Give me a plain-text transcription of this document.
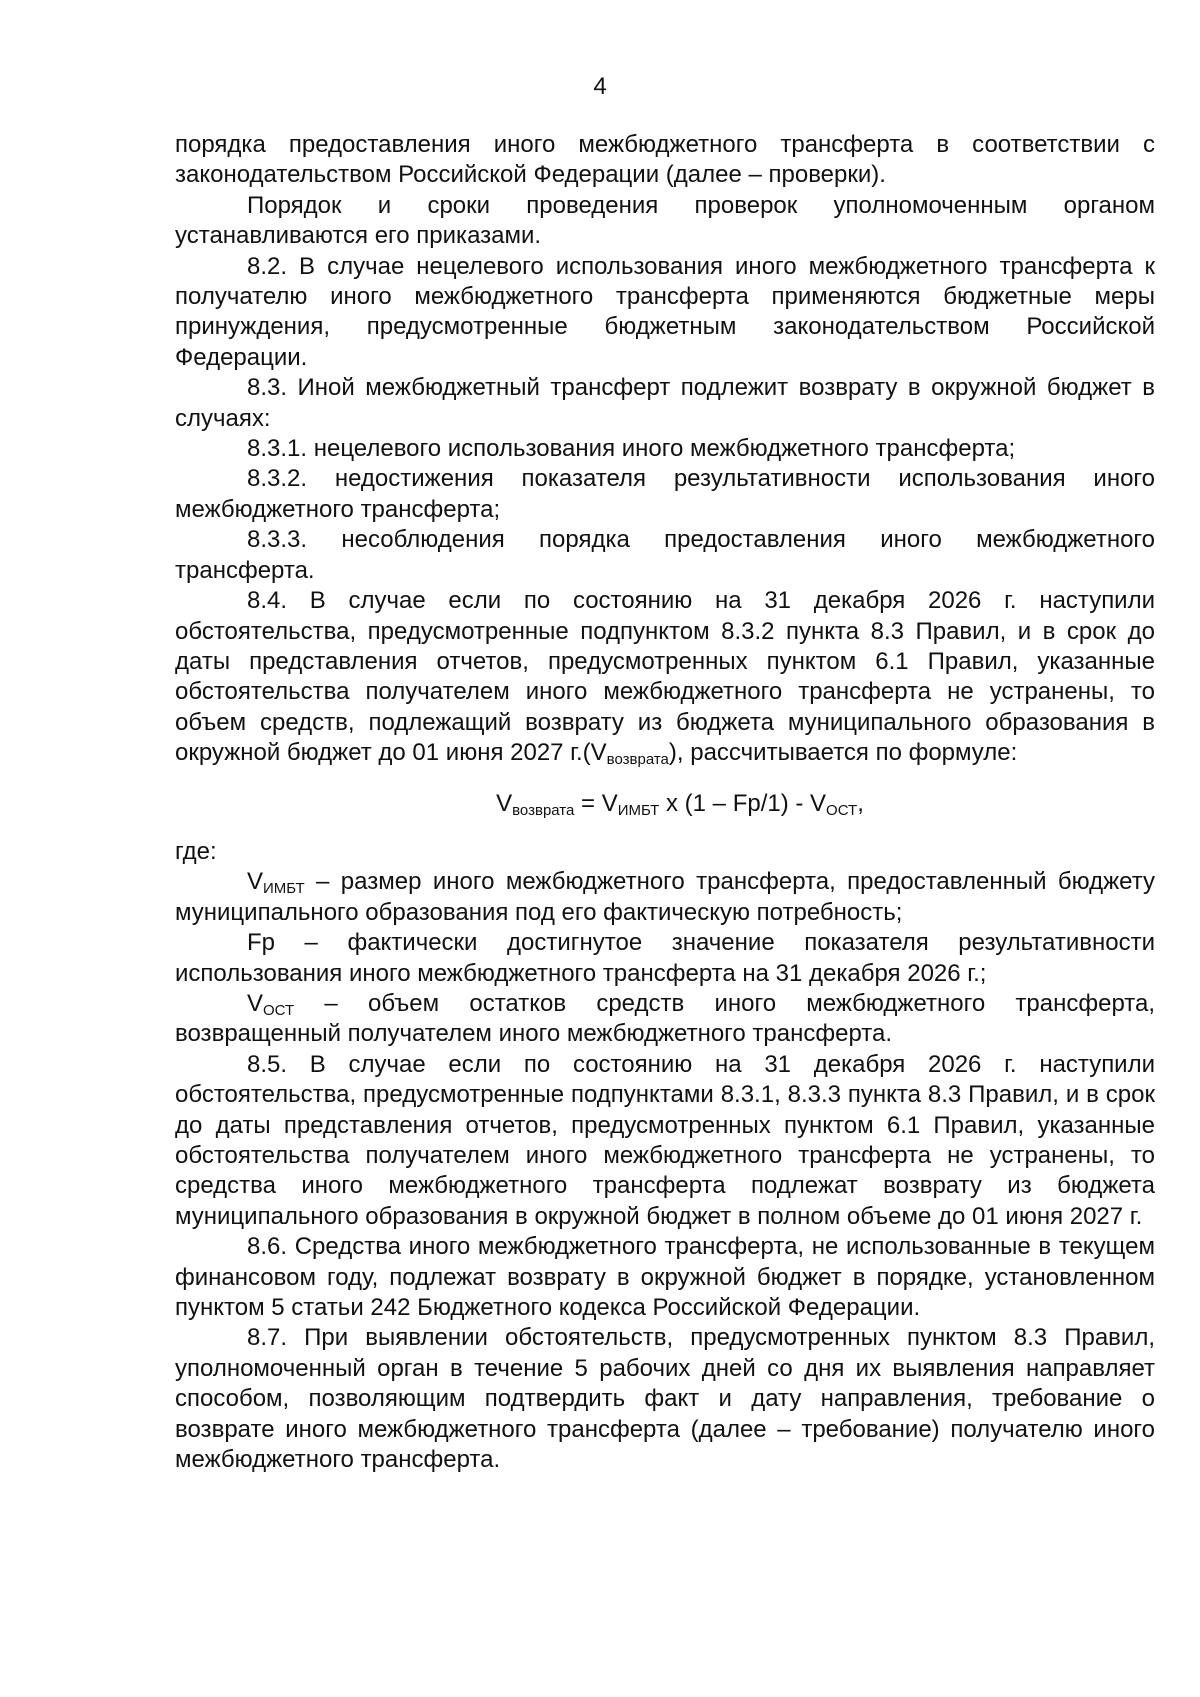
4

порядка предоставления иного межбюджетного трансферта в соответствии с законодательством Российской Федерации (далее – проверки).

Порядок и сроки проведения проверок уполномоченным органом устанавливаются его приказами.

8.2. В случае нецелевого использования иного межбюджетного трансферта к получателю иного межбюджетного трансферта применяются бюджетные меры принуждения, предусмотренные бюджетным законодательством Российской Федерации.

8.3. Иной межбюджетный трансферт подлежит возврату в окружной бюджет в случаях:

8.3.1. нецелевого использования иного межбюджетного трансферта;

8.3.2. недостижения показателя результативности использования иного межбюджетного трансферта;

8.3.3. несоблюдения порядка предоставления иного межбюджетного трансферта.

8.4. В случае если по состоянию на 31 декабря 2026 г. наступили обстоятельства, предусмотренные подпунктом 8.3.2 пункта 8.3 Правил, и в срок до даты представления отчетов, предусмотренных пунктом 6.1 Правил, указанные обстоятельства получателем иного межбюджетного трансферта не устранены, то объем средств, подлежащий возврату из бюджета муниципального образования в окружной бюджет до 01 июня 2027 $г.(V_{возврата})$, рассчитывается по формуле:

$V_{возврата} = V_{ИМБТ}$ x $(1 - Fp/1) - V_{ОСТ}$,

где:

$V_{ИМБТ}$ – размер иного межбюджетного трансферта, предоставленный бюджету муниципального образования под его фактическую потребность;

Fp – фактически достигнутое значение показателя результативности использования иного межбюджетного трансферта на 31 декабря 2026 г.;

$V_{ОСТ}$ – объем остатков средств иного межбюджетного трансферта, возвращенный получателем иного межбюджетного трансферта.

8.5. В случае если по состоянию на 31 декабря 2026 г. наступили обстоятельства, предусмотренные подпунктами 8.3.1, 8.3.3 пункта 8.3 Правил, и в срок до даты представления отчетов, предусмотренных пунктом 6.1 Правил, указанные обстоятельства получателем иного межбюджетного трансферта не устранены, то средства иного межбюджетного трансферта подлежат возврату из бюджета муниципального образования в окружной бюджет в полном объеме до 01 июня 2027 г.

8.6. Средства иного межбюджетного трансферта, не использованные в текущем финансовом году, подлежат возврату в окружной бюджет в порядке, установленном пунктом 5 статьи 242 Бюджетного кодекса Российской Федерации.

8.7. При выявлении обстоятельств, предусмотренных пунктом 8.3 Правил, уполномоченный орган в течение 5 рабочих дней со дня их выявления направляет способом, позволяющим подтвердить факт и дату направления, требование о возврате иного межбюджетного трансферта (далее – требование) получателю иного межбюджетного трансферта.
